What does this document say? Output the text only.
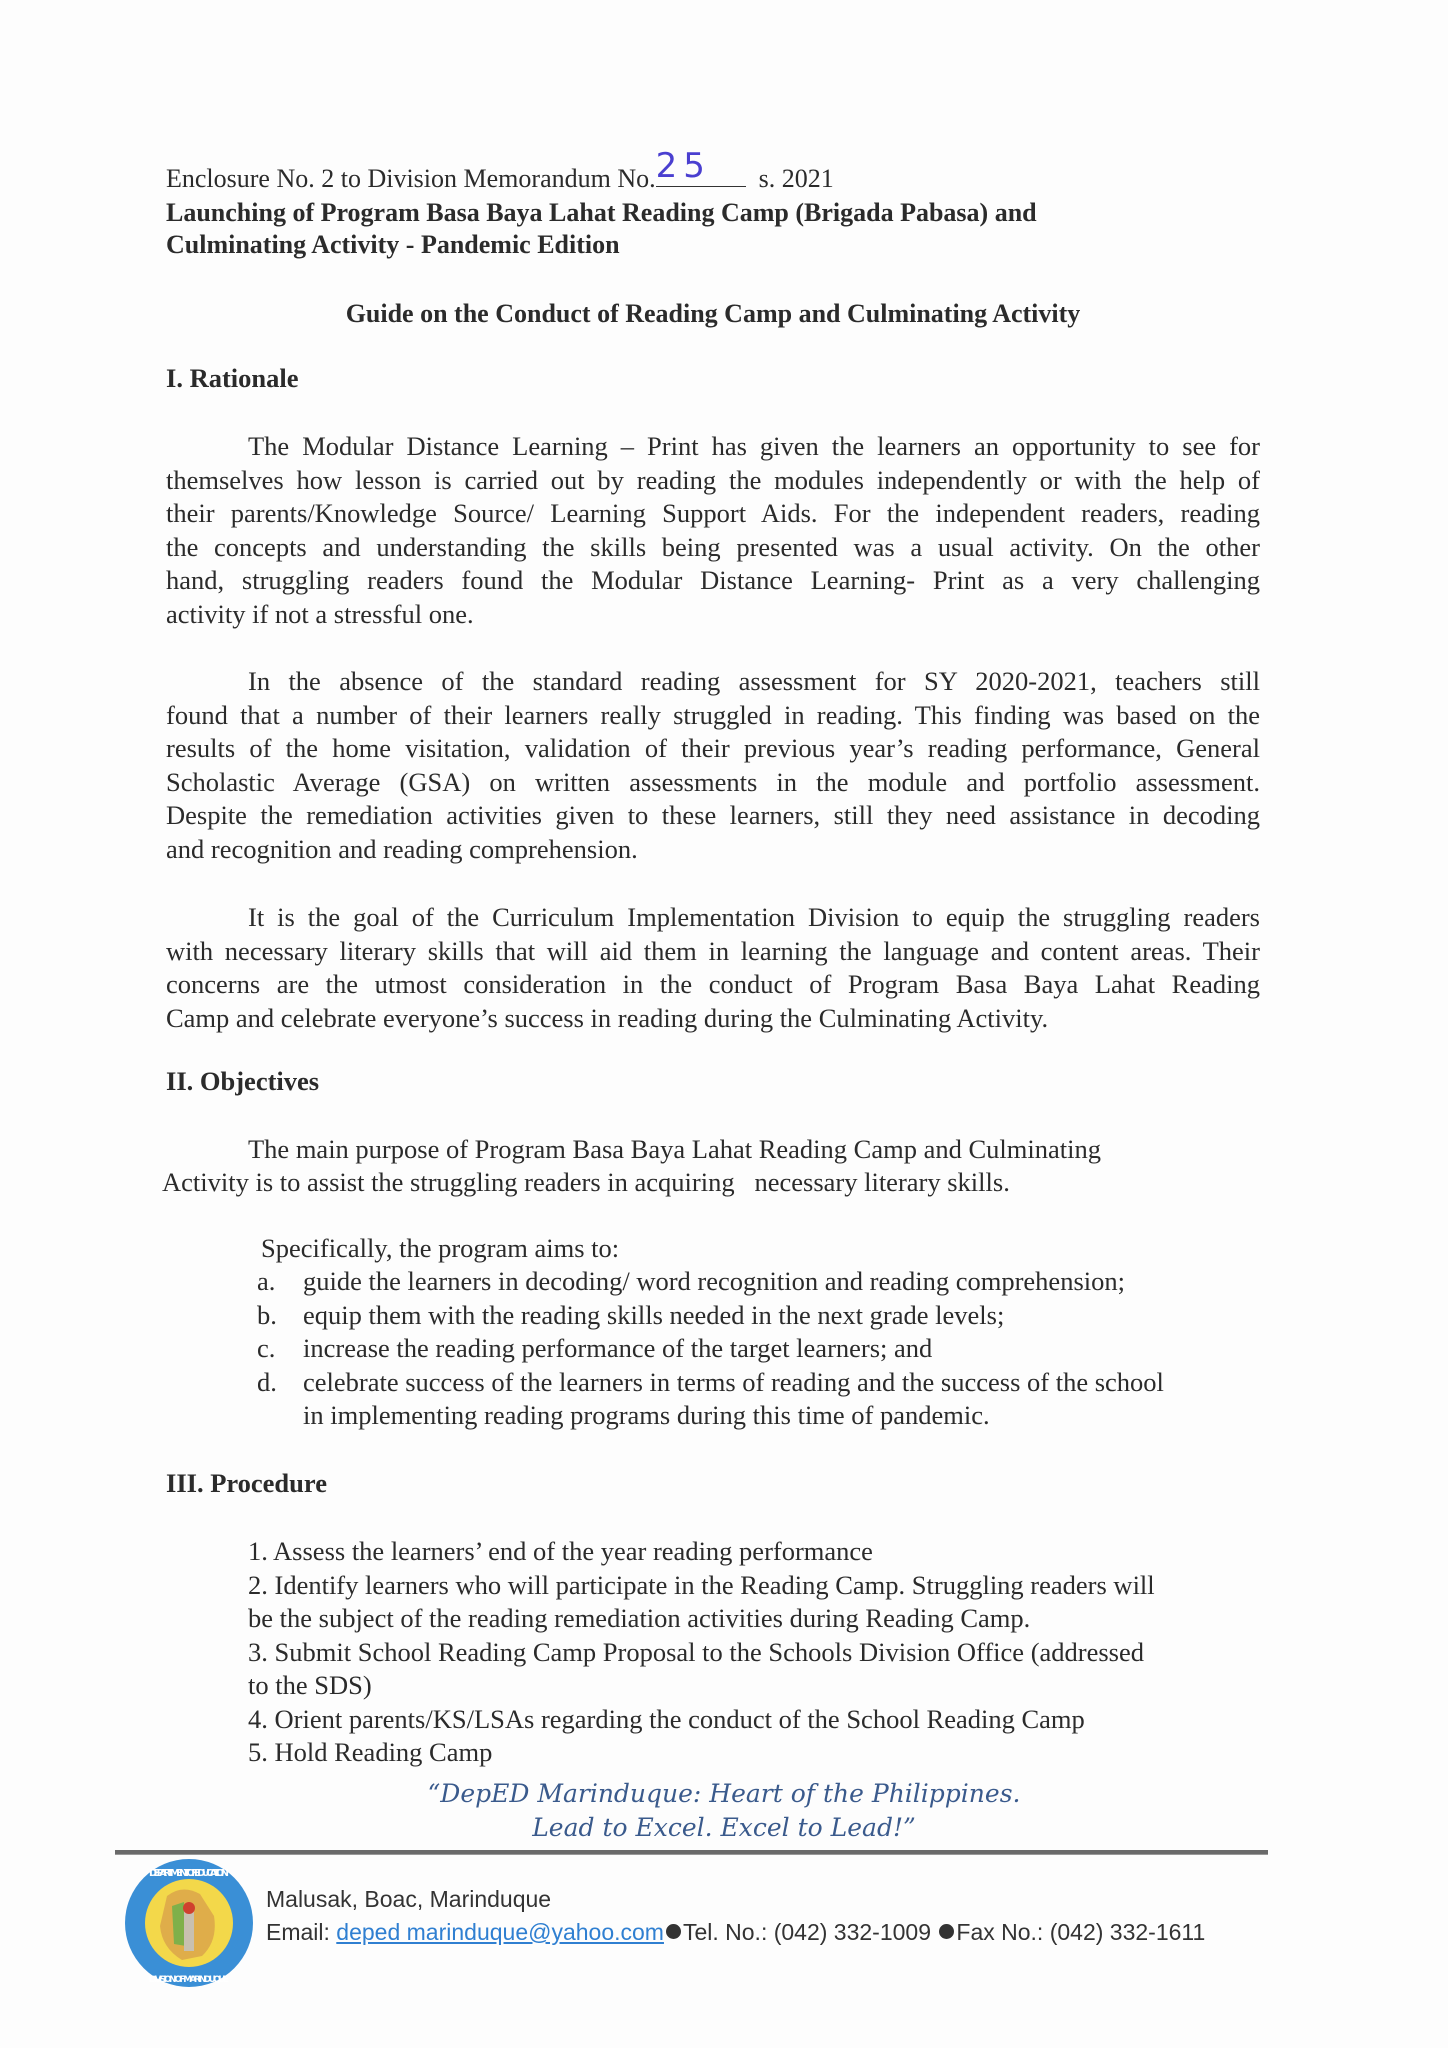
Enclosure No. 2 to Division Memorandum No. 25 s. 2021
Launching of Program Basa Baya Lahat Reading Camp (Brigada Pabasa) and
Culminating Activity - Pandemic Edition
Guide on the Conduct of Reading Camp and Culminating Activity
I. Rationale
The Modular Distance Learning – Print has given the learners an opportunity to see for
themselves how lesson is carried out by reading the modules independently or with the help of
their parents/Knowledge Source/ Learning Support Aids. For the independent readers, reading
the concepts and understanding the skills being presented was a usual activity. On the other
hand, struggling readers found the Modular Distance Learning- Print as a very challenging
activity if not a stressful one.
In the absence of the standard reading assessment for SY 2020-2021, teachers still
found that a number of their learners really struggled in reading. This finding was based on the
results of the home visitation, validation of their previous year’s reading performance, General
Scholastic Average (GSA) on written assessments in the module and portfolio assessment.
Despite the remediation activities given to these learners, still they need assistance in decoding
and recognition and reading comprehension.
It is the goal of the Curriculum Implementation Division to equip the struggling readers
with necessary literary skills that will aid them in learning the language and content areas. Their
concerns are the utmost consideration in the conduct of Program Basa Baya Lahat Reading
Camp and celebrate everyone’s success in reading during the Culminating Activity.
II. Objectives
The main purpose of Program Basa Baya Lahat Reading Camp and Culminating
Activity is to assist the struggling readers in acquiring   necessary literary skills.
Specifically, the program aims to:
a. guide the learners in decoding/ word recognition and reading comprehension;
b. equip them with the reading skills needed in the next grade levels;
c. increase the reading performance of the target learners; and
d. celebrate success of the learners in terms of reading and the success of the school
in implementing reading programs during this time of pandemic.
III. Procedure
1. Assess the learners’ end of the year reading performance
2. Identify learners who will participate in the Reading Camp. Struggling readers will
be the subject of the reading remediation activities during Reading Camp.
3. Submit School Reading Camp Proposal to the Schools Division Office (addressed
to the SDS)
4. Orient parents/KS/LSAs regarding the conduct of the School Reading Camp
5. Hold Reading Camp
“DepED Marinduque: Heart of the Philippines.
Lead to Excel. Excel to Lead!”
DEPARTMENT OF EDUCATION
DIVISION OF MARINDUQUE
Malusak, Boac, Marinduque
Email: deped marinduque@yahoo.com Tel. No.: (042) 332-1009 Fax No.: (042) 332-1611
